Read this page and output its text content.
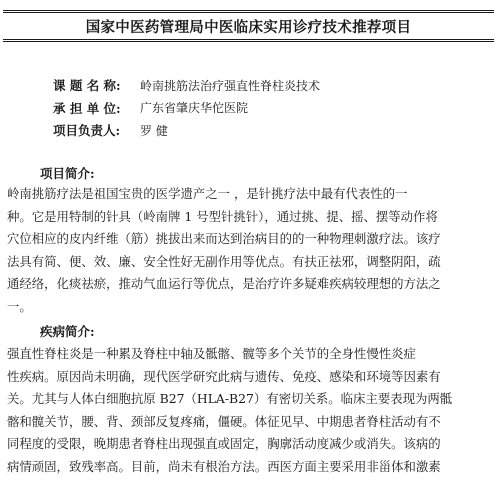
国家中医药管理局中医临床实用诊疗技术推荐项目
课 题 名 称:	岭南挑筋法治疗强直性脊柱炎技术
承 担 单 位:	广东省肇庆华佗医院
项目负责人:	罗 健
项目简介:
岭南挑筋疗法是祖国宝贵的医学遗产之一 ，是针挑疗法中最有代表性的一
种。它是用特制的针具（岭南牌 1 号型针挑针），通过挑、提、摇、摆等动作将
穴位相应的皮内纤维（筋）挑拔出来而达到治病目的的一种物理刺激疗法。该疗
法具有简、便、效、廉、安全性好无副作用等优点。有扶正祛邪，调整阴阳，疏
通经络，化痰祛瘀，推动气血运行等优点，是治疗许多疑难疾病较理想的方法之
一。
疾病简介:
强直性脊柱炎是一种累及脊柱中轴及骶髂、髋等多个关节的全身性慢性炎症
性疾病。原因尚未明确，现代医学研究此病与遗传、免疫、感染和环境等因素有
关。尤其与人体白细胞抗原 B27（HLA-B27）有密切关系。临床主要表现为两骶
髂和髋关节，腰、背、颈部反复疼痛，僵硬。体征见早、中期患者脊柱活动有不
同程度的受限，晚期患者脊柱出现强直或固定，胸廓活动度减少或消失。该病的
病情顽固，致残率高。目前，尚未有根治方法。西医方面主要采用非甾体和激素
